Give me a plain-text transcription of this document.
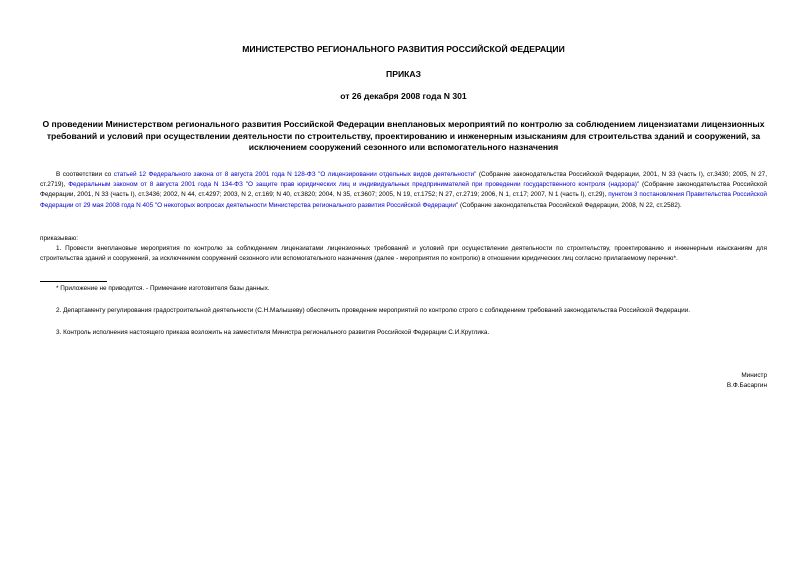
МИНИСТЕРСТВО РЕГИОНАЛЬНОГО РАЗВИТИЯ РОССИЙСКОЙ ФЕДЕРАЦИИ
ПРИКАЗ
от 26 декабря 2008 года N 301
О проведении Министерством регионального развития Российской Федерации внеплановых мероприятий по контролю за соблюдением лицензиатами лицензионных требований и условий при осуществлении деятельности по строительству, проектированию и инженерным изысканиям для строительства зданий и сооружений, за исключением сооружений сезонного или вспомогательного назначения
В соответствии со статьей 12 Федерального закона от 8 августа 2001 года N 128-ФЗ "О лицензировании отдельных видов деятельности" (Собрание законодательства Российской Федерации, 2001, N 33 (часть I), ст.3430; 2005, N 27, ст.2719), Федеральным законом от 8 августа 2001 года N 134-ФЗ "О защите прав юридических лиц и индивидуальных предпринимателей при проведении государственного контроля (надзора)" (Собрание законодательства Российской Федерации, 2001, N 33 (часть I), ст.3436; 2002, N 44, ст.4297; 2003, N 2, ст.169; N 40, ст.3820; 2004, N 35, ст.3607; 2005, N 19, ст.1752; N 27, ст.2719; 2006, N 1, ст.17; 2007, N 1 (часть I), ст.29), пунктом 3 постановления Правительства Российской Федерации от 29 мая 2008 года N 405 "О некоторых вопросах деятельности Министерства регионального развития Российской Федерации" (Собрание законодательства Российской Федерации, 2008, N 22, ст.2582).
приказываю:
1. Провести внеплановые мероприятия по контролю за соблюдением лицензиатами лицензионных требований и условий при осуществлении деятельности по строительству, проектированию и инженерным изысканиям для строительства зданий и сооружений, за исключением сооружений сезонного или вспомогательного назначения (далее - мероприятия по контролю) в отношении юридических лиц согласно прилагаемому перечню*.
* Приложение не приводится. - Примечание изготовителя базы данных.
2. Департаменту регулирования градостроительной деятельности (С.Н.Малышеву) обеспечить проведение мероприятий по контролю строго с соблюдением требований законодательства Российской Федерации.
3. Контроль исполнения настоящего приказа возложить на заместителя Министра регионального развития Российской Федерации С.И.Круглика.
Министр
В.Ф.Басаргин
